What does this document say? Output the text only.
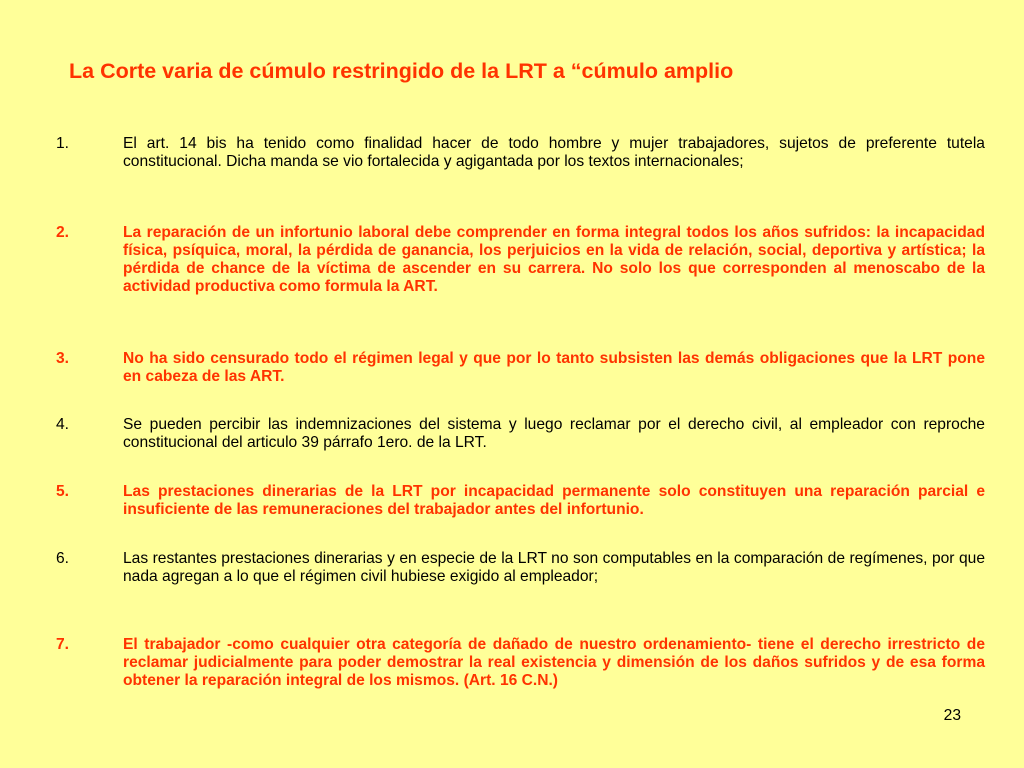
La Corte varia de cúmulo restringido de la LRT a “cúmulo amplio
1.	El art. 14 bis ha tenido como finalidad hacer de todo hombre y mujer trabajadores, sujetos de preferente tutela constitucional. Dicha manda se vio fortalecida y agigantada por los textos internacionales;

2.	La reparación de un infortunio laboral debe comprender en forma integral todos los años sufridos: la incapacidad física, psíquica, moral, la pérdida de ganancia, los perjuicios en la vida de relación, social, deportiva y artística; la pérdida de chance de la víctima de ascender en su carrera. No solo los que corresponden al menoscabo de la actividad productiva como formula la ART.

3.	No ha sido censurado todo el régimen legal y que por lo tanto subsisten las demás obligaciones que la LRT pone en cabeza de las ART.

4.	Se pueden percibir las indemnizaciones del sistema y luego reclamar por el derecho civil, al empleador con reproche constitucional del articulo 39 párrafo 1ero. de la LRT.

5.	Las prestaciones dinerarias de la LRT por incapacidad permanente solo constituyen una reparación parcial e insuficiente de las remuneraciones del trabajador antes del infortunio.

6.	Las restantes prestaciones dinerarias y en especie de la LRT no son computables en la comparación de regímenes, por que nada agregan a lo que el régimen civil hubiese exigido al empleador;

7.	El trabajador -como cualquier otra categoría de dañado de nuestro ordenamiento- tiene el derecho irrestricto de reclamar judicialmente para poder demostrar la real existencia y dimensión de los daños sufridos y de esa forma obtener la reparación integral de los mismos. (Art. 16 C.N.)

23
